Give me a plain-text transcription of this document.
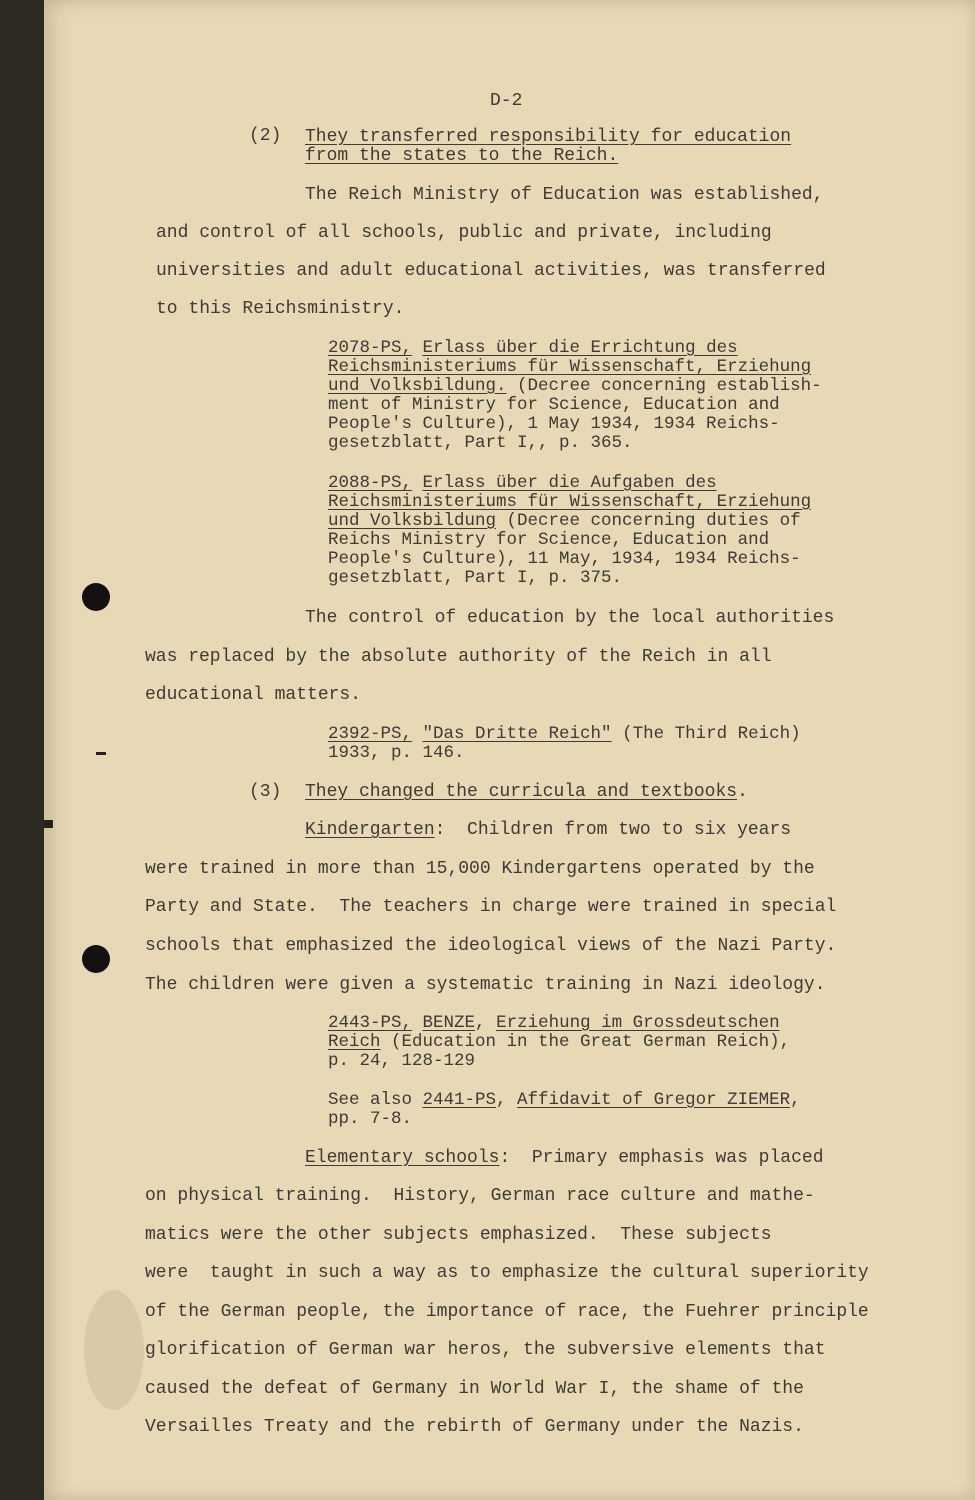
D-2
(2) They transferred responsibility for education
from the states to the Reich.
The Reich Ministry of Education was established,
and control of all schools, public and private, including
universities and adult educational activities, was transferred
to this Reichsministry.
2078-PS, Erlass über die Errichtung des
Reichsministeriums für Wissenschaft, Erziehung
und Volksbildung. (Decree concerning establish-
ment of Ministry for Science, Education and
People's Culture), 1 May 1934, 1934 Reichs-
gesetzblatt, Part I,, p. 365.
2088-PS, Erlass über die Aufgaben des
Reichsministeriums für Wissenschaft, Erziehung
und Volksbildung (Decree concerning duties of
Reichs Ministry for Science, Education and
People's Culture), 11 May, 1934, 1934 Reichs-
gesetzblatt, Part I, p. 375.
The control of education by the local authorities
was replaced by the absolute authority of the Reich in all
educational matters.
2392-PS, "Das Dritte Reich" (The Third Reich)
1933, p. 146.
(3) They changed the curricula and textbooks.
Kindergarten:  Children from two to six years
were trained in more than 15,000 Kindergartens operated by the
Party and State.  The teachers in charge were trained in special
schools that emphasized the ideological views of the Nazi Party.
The children were given a systematic training in Nazi ideology.
2443-PS, BENZE, Erziehung im Grossdeutschen
Reich (Education in the Great German Reich),
p. 24, 128-129
See also 2441-PS, Affidavit of Gregor ZIEMER,
pp. 7-8.
Elementary schools:  Primary emphasis was placed
on physical training.  History, German race culture and mathe-
matics were the other subjects emphasized.  These subjects
were  taught in such a way as to emphasize the cultural superiority
of the German people, the importance of race, the Fuehrer principle
glorification of German war heros, the subversive elements that
caused the defeat of Germany in World War I, the shame of the
Versailles Treaty and the rebirth of Germany under the Nazis.
